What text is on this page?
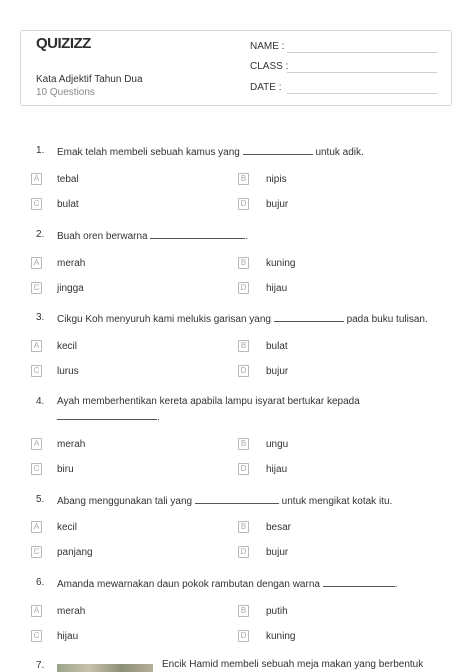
QUIZIZZ
Kata Adjektif Tahun Dua
10 Questions
NAME :
CLASS :
DATE :
1. Emak telah membeli sebuah kamus yang	untuk adik.
A tebal	B nipis
C bulat	D bujur
2. Buah oren berwarna	.
A merah	B kuning
C jingga	D hijau
3. Cikgu Koh menyuruh kami melukis garisan yang	pada buku tulisan.
A kecil	B bulat
C lurus	D bujur
4. Ayah memberhentikan kereta apabila lampu isyarat bertukar kepada
.
A merah	B ungu
C biru	D hijau
5. Abang menggunakan tali yang	untuk mengikat kotak itu.
A kecil	B besar
C panjang	D bujur
6. Amanda mewarnakan daun pokok rambutan dengan warna	.
A merah	B putih
C hijau	D kuning
7.	Encik Hamid membeli sebuah meja makan yang berbentuk
